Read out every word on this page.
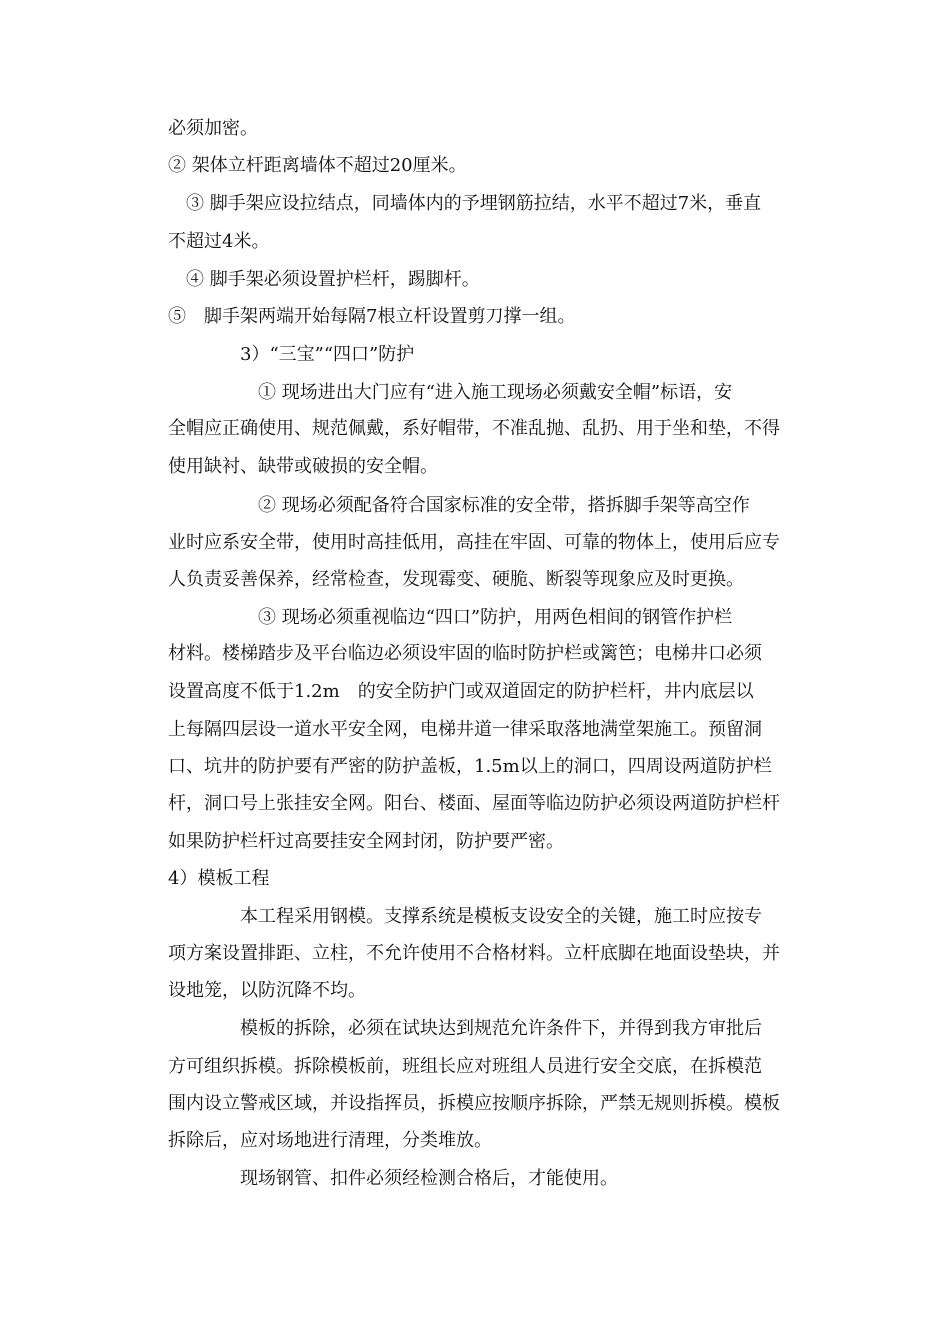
必须加密。
② 架体立杆距离墙体不超过20厘米。
③ 脚手架应设拉结点，同墙体内的予埋钢筋拉结，水平不超过7米，垂直
不超过4米。
④ 脚手架必须设置护栏杆，踢脚杆。
⑤　脚手架两端开始每隔7根立杆设置剪刀撑一组。
3）“三宝”“四口”防护
① 现场进出大门应有“进入施工现场必须戴安全帽”标语，安
全帽应正确使用、规范佩戴，系好帽带，不准乱抛、乱扔、用于坐和垫，不得
使用缺衬、缺带或破损的安全帽。
② 现场必须配备符合国家标准的安全带，搭拆脚手架等高空作
业时应系安全带，使用时高挂低用，高挂在牢固、可靠的物体上，使用后应专
人负责妥善保养，经常检查，发现霉变、硬脆、断裂等现象应及时更换。
③ 现场必须重视临边“四口”防护，用两色相间的钢管作护栏
材料。楼梯踏步及平台临边必须设牢固的临时防护栏或篱笆；电梯井口必须
设置高度不低于1.2m　的安全防护门或双道固定的防护栏杆，井内底层以
上每隔四层设一道水平安全网，电梯井道一律采取落地满堂架施工。预留洞
口、坑井的防护要有严密的防护盖板，1.5m以上的洞口，四周设两道防护栏
杆，洞口号上张挂安全网。阳台、楼面、屋面等临边防护必须设两道防护栏杆
如果防护栏杆过高要挂安全网封闭，防护要严密。
4）模板工程
本工程采用钢模。支撑系统是模板支设安全的关键，施工时应按专
项方案设置排距、立柱，不允许使用不合格材料。立杆底脚在地面设垫块，并
设地笼，以防沉降不均。
模板的拆除，必须在试块达到规范允许条件下，并得到我方审批后
方可组织拆模。拆除模板前，班组长应对班组人员进行安全交底，在拆模范
围内设立警戒区域，并设指挥员，拆模应按顺序拆除，严禁无规则拆模。模板
拆除后，应对场地进行清理，分类堆放。
现场钢管、扣件必须经检测合格后，才能使用。
